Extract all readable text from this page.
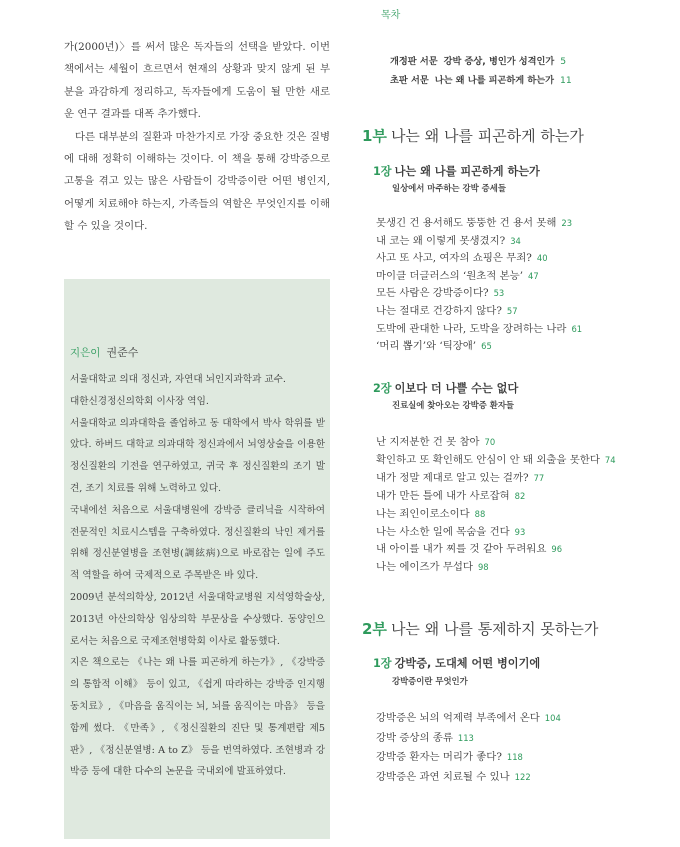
가(2000년)〉를 써서 많은 독자들의 선택을 받았다. 이번 책에서는 세월이 흐르면서 현재의 상황과 맞지 않게 된 부분을 과감하게 정리하고, 독자들에게 도움이 될 만한 새로운 연구 결과를 대폭 추가했다.

다른 대부분의 질환과 마찬가지로 가장 중요한 것은 질병에 대해 정확히 이해하는 것이다. 이 책을 통해 강박증으로 고통을 겪고 있는 많은 사람들이 강박증이란 어떤 병인지, 어떻게 치료해야 하는지, 가족들의 역할은 무엇인지를 이해할 수 있을 것이다.

지은이 권준수

서울대학교 의대 정신과, 자연대 뇌인지과학과 교수.

대한신경정신의학회 이사장 역임.

서울대학교 의과대학을 졸업하고 동 대학에서 박사 학위를 받았다. 하버드 대학교 의과대학 정신과에서 뇌영상술을 이용한 정신질환의 기전을 연구하였고, 귀국 후 정신질환의 조기 발견, 조기 치료를 위해 노력하고 있다.

국내에선 처음으로 서울대병원에 강박증 클리닉을 시작하여 전문적인 치료시스템을 구축하였다. 정신질환의 낙인 제거를 위해 정신분열병을 조현병(調絃病)으로 바로잡는 일에 주도적 역할을 하여 국제적으로 주목받은 바 있다.

2009년 분석의학상, 2012년 서울대학교병원 지석영학술상, 2013년 아산의학상 임상의학 부문상을 수상했다. 동양인으로서는 처음으로 국제조현병학회 이사로 활동했다.

지은 책으로는 《나는 왜 나를 피곤하게 하는가》, 《강박증의 통합적 이해》 등이 있고, 《쉽게 따라하는 강박증 인지행동치료》, 《마음을 움직이는 뇌, 뇌를 움직이는 마음》 등을 함께 썼다. 《만족》, 《정신질환의 진단 및 통계편람 제5판》, 《정신분열병: A to Z》 등을 번역하였다. 조현병과 강박증 등에 대한 다수의 논문을 국내외에 발표하였다.

목차
개정판 서문 강박 증상, 병인가 성격인가 5
초판 서문 나는 왜 나를 피곤하게 하는가 11
1부 나는 왜 나를 피곤하게 하는가
1장 나는 왜 나를 피곤하게 하는가
일상에서 마주하는 강박 증세들
못생긴 건 용서해도 뚱뚱한 건 용서 못해 23
내 코는 왜 이렇게 못생겼지? 34
사고 또 사고, 여자의 쇼핑은 무죄? 40
마이클 더글러스의 ‘원초적 본능’ 47
모든 사람은 강박증이다? 53
나는 절대로 건강하지 않다? 57
도박에 관대한 나라, 도박을 장려하는 나라 61
‘머리 뽑기’와 ‘틱장애’ 65
2장 이보다 더 나쁠 수는 없다
진료실에 찾아오는 강박증 환자들
난 지저분한 건 못 참아 70
확인하고 또 확인해도 안심이 안 돼 외출을 못한다 74
내가 정말 제대로 알고 있는 걸까? 77
내가 만든 틀에 내가 사로잡혀 82
나는 죄인이로소이다 88
나는 사소한 일에 목숨을 건다 93
내 아이를 내가 찌를 것 같아 두려워요 96
나는 에이즈가 무섭다 98
2부 나는 왜 나를 통제하지 못하는가
1장 강박증, 도대체 어떤 병이기에
강박증이란 무엇인가
강박증은 뇌의 억제력 부족에서 온다 104
강박 증상의 종류 113
강박증 환자는 머리가 좋다? 118
강박증은 과연 치료될 수 있나 122
